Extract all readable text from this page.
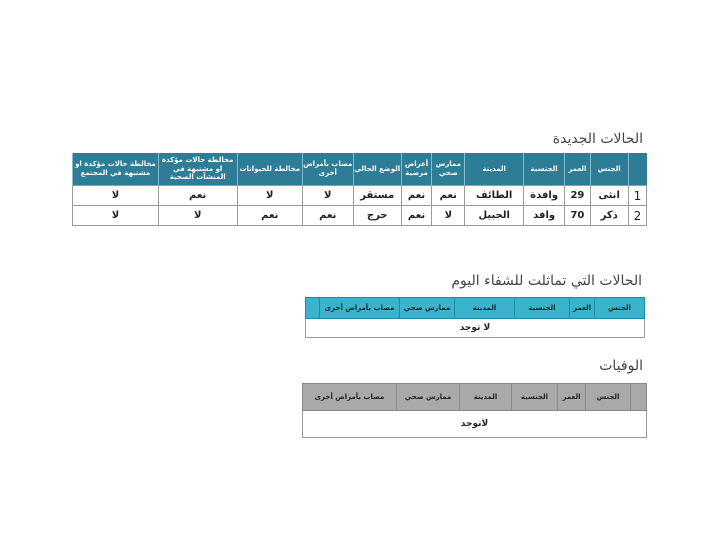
الحالات الجديدة
	الجنس	العمر	الجنسية	المدينة	ممارس صحي	أعراض مرضية	الوضع الحالي	مصاب بأمراض أخرى	مخالطة للحيوانات	مخالطة حالات مؤكدة او مشتبهة في المنشآت الصحية	مخالطة حالات مؤكدة او مشتبهة في المجتمع
1	انثى	29	وافدة	الطائف	نعم	نعم	مستقر	لا	لا	نعم	لا
2	ذكر	70	وافد	الجبيل	لا	نعم	حرج	نعم	نعم	لا	لا
الحالات التي تماثلت للشفاء اليوم
الجنس	العمر	الجنسية	المدينة	ممارس صحي	مصاب بأمراض أخرى	
لا توجد
الوفيات
	الجنس	العمر	الجنسية	المدينة	ممارس صحي	مصاب بأمراض أخرى
لاتوجد
